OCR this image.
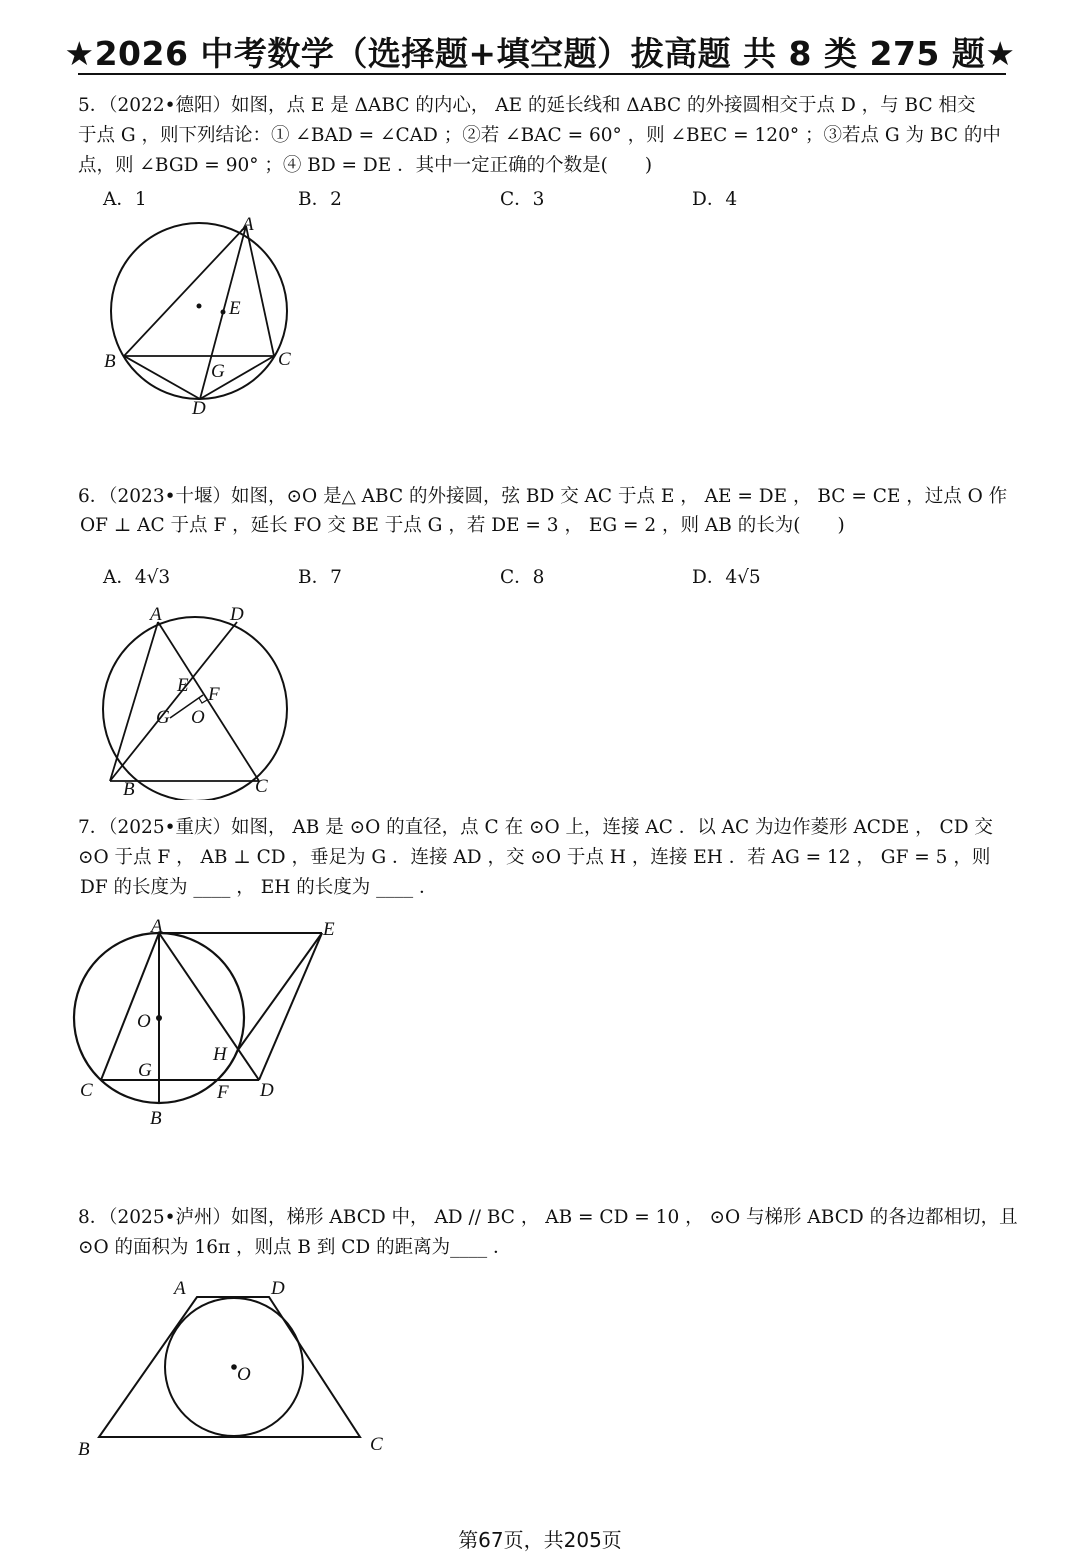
★2026 中考数学（选择题+填空题）拔高题 共 8 类 275 题★
5．（2022•德阳）如图，点 E 是 ΔABC 的内心， AE 的延长线和 ΔABC 的外接圆相交于点 D ，与 BC 相交
于点 G ，则下列结论：① ∠BAD = ∠CAD ；②若 ∠BAC = 60° ，则 ∠BEC = 120° ；③若点 G 为 BC 的中
点，则 ∠BGD = 90° ；④ BD = DE ．其中一定正确的个数是(　　)
A．1	B．2	C．3	D．4
A
E
B	G
C
D
6．（2023•十堰）如图，⊙O 是△ ABC 的外接圆，弦 BD 交 AC 于点 E ， AE = DE ， BC = CE ，过点 O 作
OF ⊥ AC 于点 F ，延长 FO 交 BE 于点 G ，若 DE = 3 ， EG = 2 ，则 AB 的长为(　　)
A．4√3	B．7	C．8	D．4√5
A	D
E F
G O
B	C
7．（2025•重庆）如图， AB 是 ⊙O 的直径，点 C 在 ⊙O 上，连接 AC ．以 AC 为边作菱形 ACDE ， CD 交
⊙O 于点 F ， AB ⊥ CD ，垂足为 G ．连接 AD ，交 ⊙O 于点 H ，连接 EH ．若 AG = 12 ， GF = 5 ，则
DF 的长度为 ____ ， EH 的长度为 ____ ．
A	E
O
H
G
C	F D
B
8．（2025•泸州）如图，梯形 ABCD 中， AD // BC ， AB = CD = 10 ， ⊙O 与梯形 ABCD 的各边都相切，且
⊙O 的面积为 16π ，则点 B 到 CD 的距离为____ ．
A	D
O
B	C
第67页，共205页
